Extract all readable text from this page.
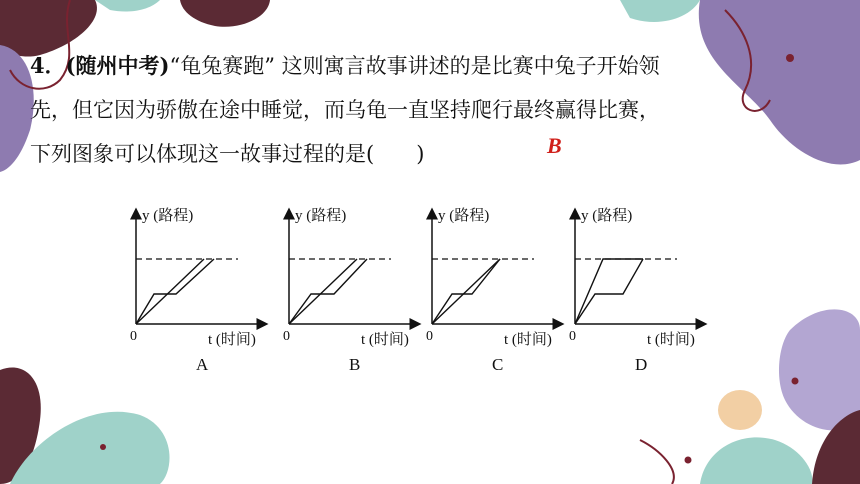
4．(随州中考)“龟兔赛跑” 这则寓言故事讲述的是比赛中兔子开始领
先，但它因为骄傲在途中睡觉，而乌龟一直坚持爬行最终赢得比赛，
下列图象可以体现这一故事过程的是(　　)	B
y (路程)
t (时间)
0
A
y (路程)
t (时间)
0
B
y (路程)
t (时间)
0
C
y (路程)
t (时间)
0
D
